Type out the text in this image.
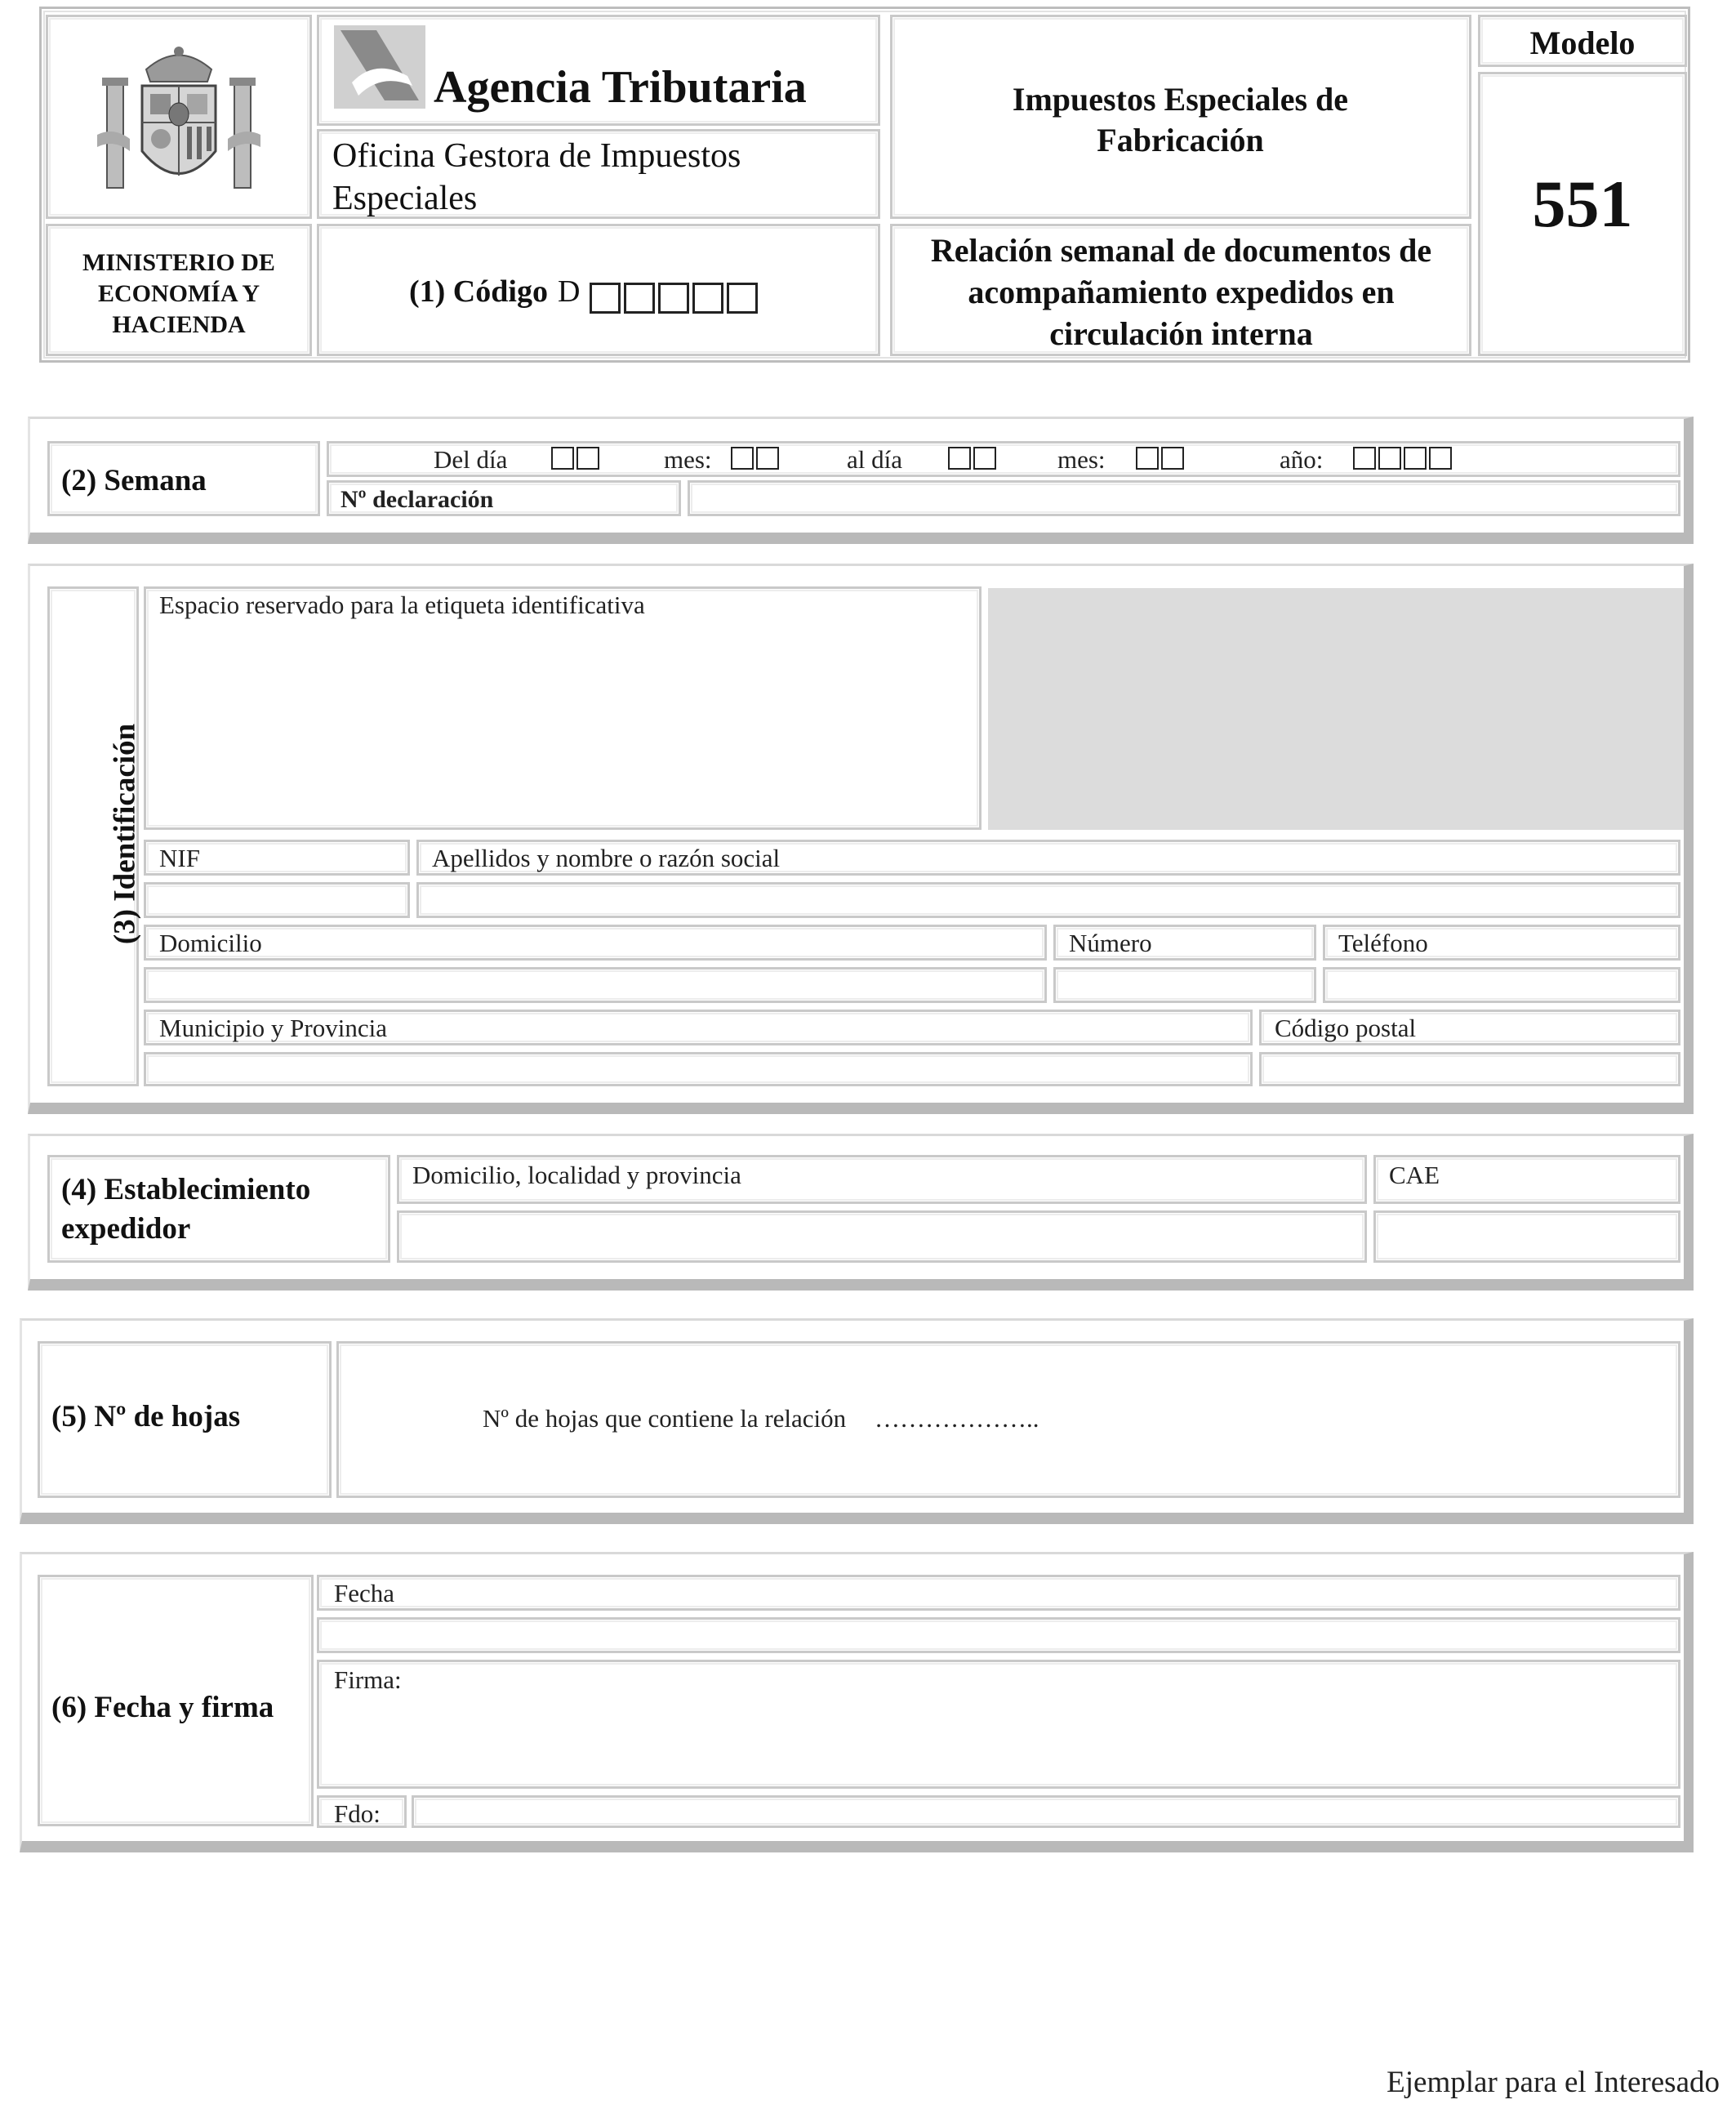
MINISTERIO DE ECONOMÍA Y HACIENDA
Agencia Tributaria
Oficina Gestora de Impuestos Especiales
(1) Código D
Impuestos Especiales de Fabricación
Relación semanal de documentos de acompañamiento expedidos en circulación interna
Modelo
551
(2) Semana
Del día	mes:	al día	mes:	año:
Nº declaración
(3) Identificación
Espacio reservado para la etiqueta identificativa
NIF	Apellidos y nombre o razón social
Domicilio	Número	Teléfono
Municipio y Provincia	Código postal
(4) Establecimiento expedidor
Domicilio, localidad y provincia	CAE
(5) Nº de hojas	Nº de hojas que contiene la relación ………………..
(6) Fecha y firma
Fecha
Firma:
Fdo:
Ejemplar para el Interesado
